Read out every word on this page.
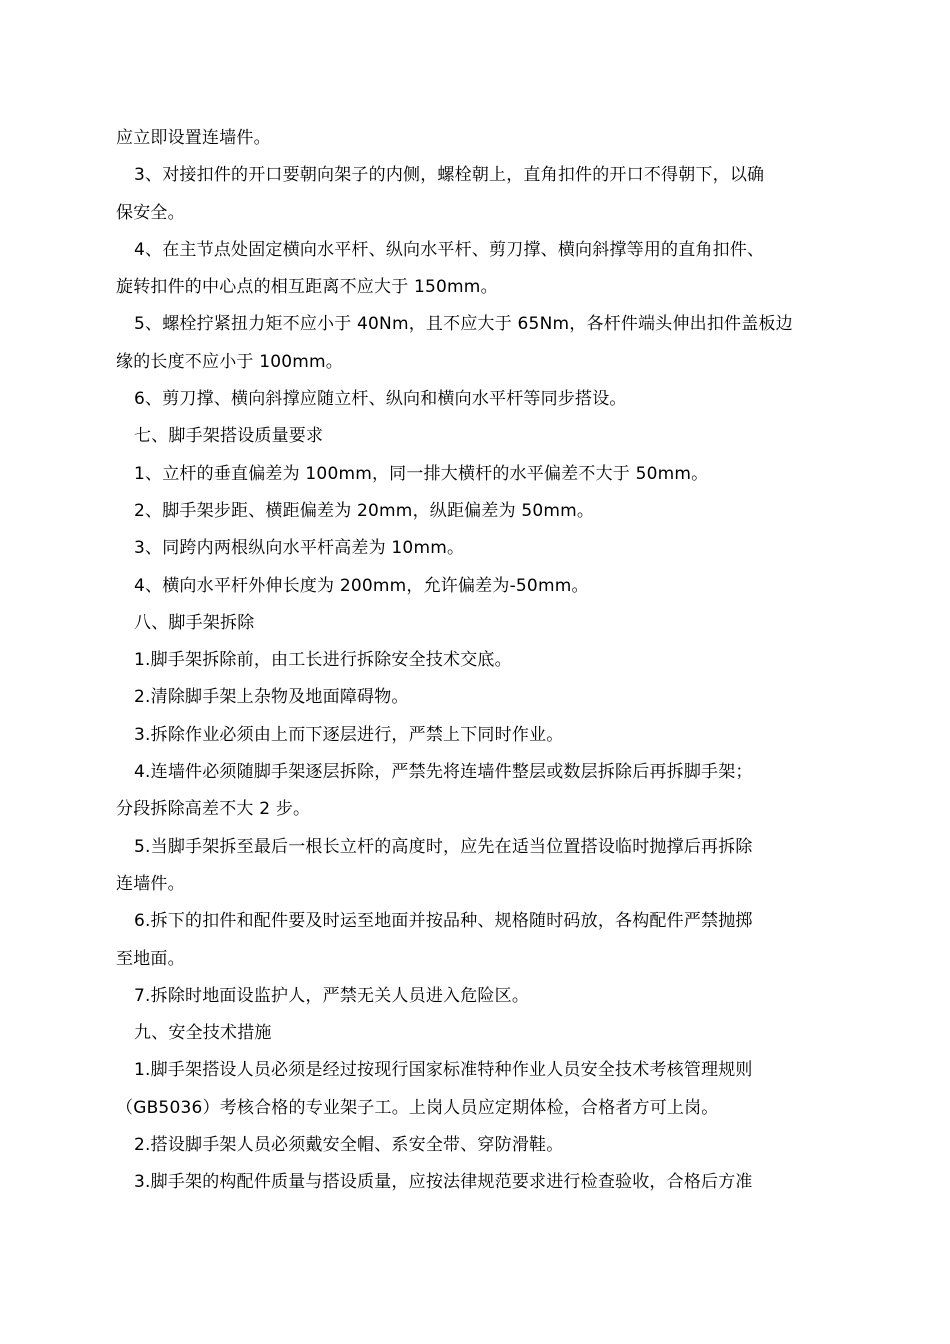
应立即设置连墙件。
3、对接扣件的开口要朝向架子的内侧，螺栓朝上，直角扣件的开口不得朝下，以确
保安全。
4、在主节点处固定横向水平杆、纵向水平杆、剪刀撑、横向斜撑等用的直角扣件、
旋转扣件的中心点的相互距离不应大于 150mm。
5、螺栓拧紧扭力矩不应小于 40Nm，且不应大于 65Nm，各杆件端头伸出扣件盖板边
缘的长度不应小于 100mm。
6、剪刀撑、横向斜撑应随立杆、纵向和横向水平杆等同步搭设。
七、脚手架搭设质量要求
1、立杆的垂直偏差为 100mm，同一排大横杆的水平偏差不大于 50mm。
2、脚手架步距、横距偏差为 20mm，纵距偏差为 50mm。
3、同跨内两根纵向水平杆高差为 10mm。
4、横向水平杆外伸长度为 200mm，允许偏差为-50mm。
八、脚手架拆除
1.脚手架拆除前，由工长进行拆除安全技术交底。
2.清除脚手架上杂物及地面障碍物。
3.拆除作业必须由上而下逐层进行，严禁上下同时作业。
4.连墙件必须随脚手架逐层拆除，严禁先将连墙件整层或数层拆除后再拆脚手架；
分段拆除高差不大 2 步。
5.当脚手架拆至最后一根长立杆的高度时，应先在适当位置搭设临时抛撑后再拆除
连墙件。
6.拆下的扣件和配件要及时运至地面并按品种、规格随时码放，各构配件严禁抛掷
至地面。
7.拆除时地面设监护人，严禁无关人员进入危险区。
九、安全技术措施
1.脚手架搭设人员必须是经过按现行国家标准特种作业人员安全技术考核管理规则
（GB5036）考核合格的专业架子工。上岗人员应定期体检，合格者方可上岗。
2.搭设脚手架人员必须戴安全帽、系安全带、穿防滑鞋。
3.脚手架的构配件质量与搭设质量，应按法律规范要求进行检查验收，合格后方准
